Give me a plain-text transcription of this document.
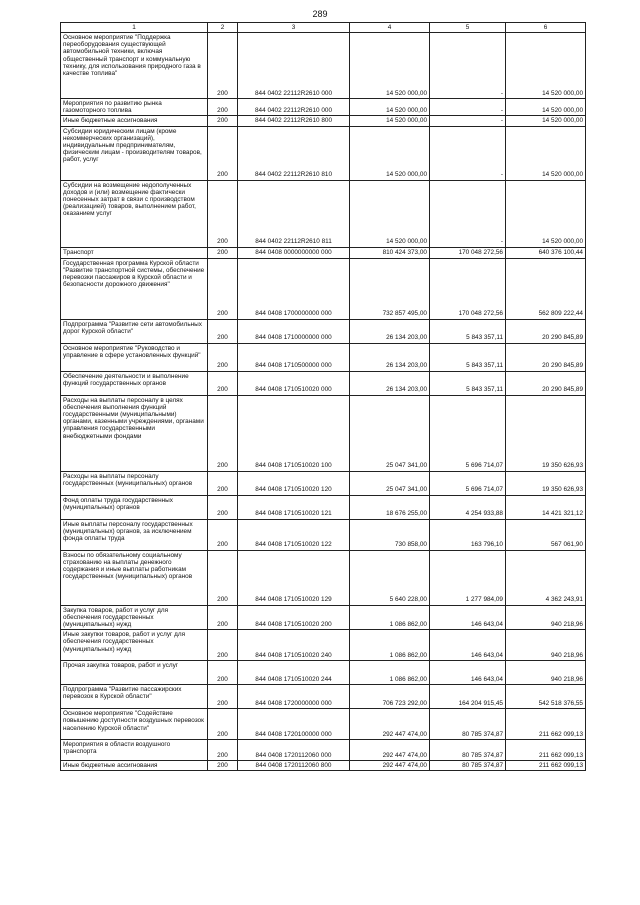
289
1	2	3	4	5	6
Основное мероприятие "Поддержка переоборудования существующей автомобильной техники, включая общественный транспорт и коммунальную технику, для использования природного газа в качестве топлива"	200	844 0402 22112R2610 000	14 520 000,00	-	14 520 000,00
Мероприятия по развитию рынка газомоторного топлива	200	844 0402 22112R2610 000	14 520 000,00	-	14 520 000,00
Иные бюджетные ассигнования	200	844 0402 22112R2610 800	14 520 000,00	-	14 520 000,00
Субсидии юридическим лицам (кроме некоммерческих организаций), индивидуальным предпринимателям, физическим лицам - производителям товаров, работ, услуг	200	844 0402 22112R2610 810	14 520 000,00	-	14 520 000,00
Субсидии на возмещение недополученных доходов и (или) возмещение фактически понесенных затрат в связи с производством (реализацией) товаров, выполнением работ, оказанием услуг	200	844 0402 22112R2610 811	14 520 000,00	-	14 520 000,00
Транспорт	200	844 0408 0000000000 000	810 424 373,00	170 048 272,56	640 376 100,44
Государственная программа Курской области "Развитие транспортной системы, обеспечение перевозки пассажиров в Курской области и безопасности дорожного движения"	200	844 0408 1700000000 000	732 857 495,00	170 048 272,56	562 809 222,44
Подпрограмма "Развитие сети автомобильных дорог Курской области"	200	844 0408 1710000000 000	26 134 203,00	5 843 357,11	20 290 845,89
Основное мероприятие "Руководство и управление в сфере установленных функций"	200	844 0408 1710500000 000	26 134 203,00	5 843 357,11	20 290 845,89
Обеспечение деятельности и выполнение функций государственных органов	200	844 0408 1710510020 000	26 134 203,00	5 843 357,11	20 290 845,89
Расходы на выплаты персоналу в целях обеспечения выполнения функций государственными (муниципальными) органами, казенными учреждениями, органами управления государственными внебюджетными фондами	200	844 0408 1710510020 100	25 047 341,00	5 696 714,07	19 350 626,93
Расходы на выплаты персоналу государственных (муниципальных) органов	200	844 0408 1710510020 120	25 047 341,00	5 696 714,07	19 350 626,93
Фонд оплаты труда государственных (муниципальных) органов	200	844 0408 1710510020 121	18 676 255,00	4 254 933,88	14 421 321,12
Иные выплаты персоналу государственных (муниципальных) органов, за исключением фонда оплаты труда	200	844 0408 1710510020 122	730 858,00	163 796,10	567 061,90
Взносы по обязательному социальному страхованию на выплаты денежного содержания и иные выплаты работникам государственных (муниципальных) органов	200	844 0408 1710510020 129	5 640 228,00	1 277 984,09	4 362 243,91
Закупка товаров, работ и услуг для обеспечения государственных (муниципальных) нужд	200	844 0408 1710510020 200	1 086 862,00	146 643,04	940 218,96
Иные закупки товаров, работ и услуг для обеспечения государственных (муниципальных) нужд	200	844 0408 1710510020 240	1 086 862,00	146 643,04	940 218,96
Прочая закупка товаров, работ и услуг	200	844 0408 1710510020 244	1 086 862,00	146 643,04	940 218,96
Подпрограмма "Развитие пассажирских перевозок в Курской области"	200	844 0408 1720000000 000	706 723 292,00	164 204 915,45	542 518 376,55
Основное мероприятие "Содействие повышению доступности воздушных перевозок населению Курской области"	200	844 0408 1720100000 000	292 447 474,00	80 785 374,87	211 662 099,13
Мероприятия в области воздушного транспорта	200	844 0408 1720112060 000	292 447 474,00	80 785 374,87	211 662 099,13
Иные бюджетные ассигнования	200	844 0408 1720112060 800	292 447 474,00	80 785 374,87	211 662 099,13
